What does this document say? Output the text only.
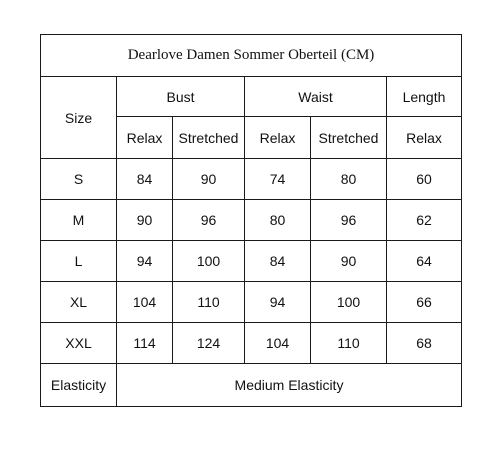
Dearlove Damen Sommer Oberteil (CM)					
Size	Bust		Waist		Length
	Relax	Stretched	Relax	Stretched	Relax
S	84	90	74	80	60
M	90	96	80	96	62
L	94	100	84	90	64
XL	104	110	94	100	66
XXL	114	124	104	110	68
Elasticity	Medium Elasticity				
